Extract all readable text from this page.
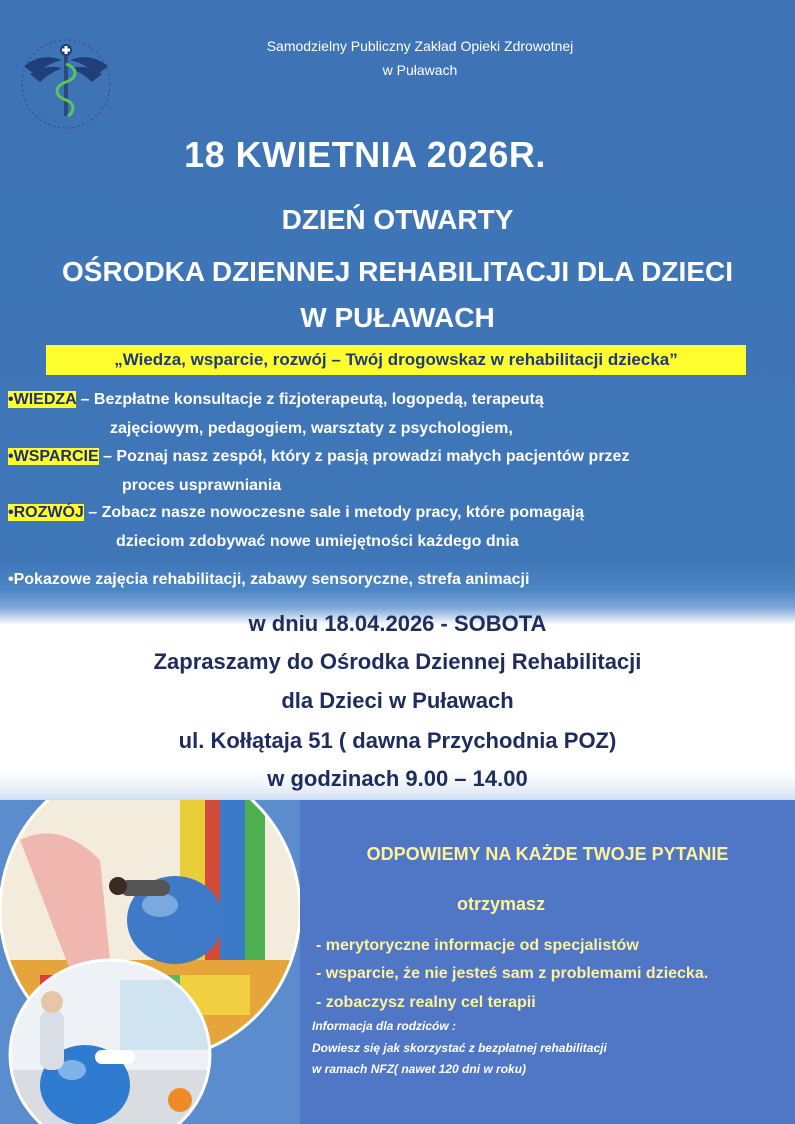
Samodzielny Publiczny Zakład Opieki Zdrowotnej
w Puławach
18 KWIETNIA 2026R.
DZIEŃ OTWARTY
OŚRODKA DZIENNEJ REHABILITACJI DLA DZIECI
W PUŁAWACH
„Wiedza, wsparcie, rozwój – Twój drogowskaz w rehabilitacji dziecka”
•WIEDZA – Bezpłatne konsultacje z fizjoterapeutą, logopedą, terapeutą
zajęciowym, pedagogiem, warsztaty z psychologiem,
•WSPARCIE – Poznaj nasz zespół, który z pasją prowadzi małych pacjentów przez
proces usprawniania
•ROZWÓJ – Zobacz nasze nowoczesne sale i metody pracy, które pomagają
dzieciom zdobywać nowe umiejętności każdego dnia
•Pokazowe zajęcia rehabilitacji, zabawy sensoryczne, strefa animacji
w dniu 18.04.2026 - SOBOTA
Zapraszamy do Ośrodka Dziennej Rehabilitacji
dla Dzieci w Puławach
ul. Kołłątaja 51 ( dawna Przychodnia POZ)
w godzinach 9.00 – 14.00
ODPOWIEMY NA KAŻDE TWOJE PYTANIE
otrzymasz
- merytoryczne informacje od specjalistów
- wsparcie, że nie jesteś sam z problemami dziecka.
- zobaczysz realny cel terapii
Informacja dla rodziców :
Dowiesz się jak skorzystać z bezpłatnej rehabilitacji
w ramach NFZ( nawet 120 dni w roku)
